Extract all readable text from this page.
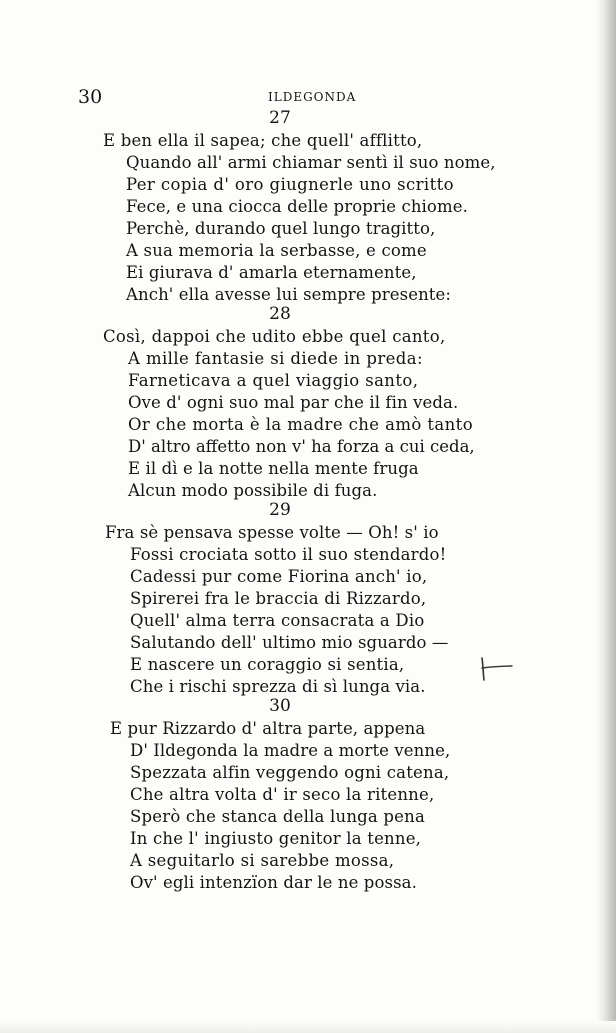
30	ILDEGONDA
27
E ben ella il sapea; che quell' afflitto,
Quando all' armi chiamar sentì il suo nome,
Per copia d' oro giugnerle uno scritto
Fece, e una ciocca delle proprie chiome.
Perchè, durando quel lungo tragitto,
A sua memoria la serbasse, e come
Ei giurava d' amarla eternamente,
Anch' ella avesse lui sempre presente:
28
Così, dappoi che udito ebbe quel canto,
A mille fantasie si diede in preda:
Farneticava a quel viaggio santo,
Ove d' ogni suo mal par che il fin veda.
Or che morta è la madre che amò tanto
D' altro affetto non v' ha forza a cui ceda,
E il dì e la notte nella mente fruga
Alcun modo possibile di fuga.
29
Fra sè pensava spesse volte — Oh! s' io
Fossi crociata sotto il suo stendardo!
Cadessi pur come Fiorina anch' io,
Spirerei fra le braccia di Rizzardo,
Quell' alma terra consacrata a Dio
Salutando dell' ultimo mio sguardo —
E nascere un coraggio si sentia,
Che i rischi sprezza di sì lunga via.
30
E pur Rizzardo d' altra parte, appena
D' Ildegonda la madre a morte venne,
Spezzata alfin veggendo ogni catena,
Che altra volta d' ir seco la ritenne,
Sperò che stanca della lunga pena
In che l' ingiusto genitor la tenne,
A seguitarlo si sarebbe mossa,
Ov' egli intenzïon dar le ne possa.
